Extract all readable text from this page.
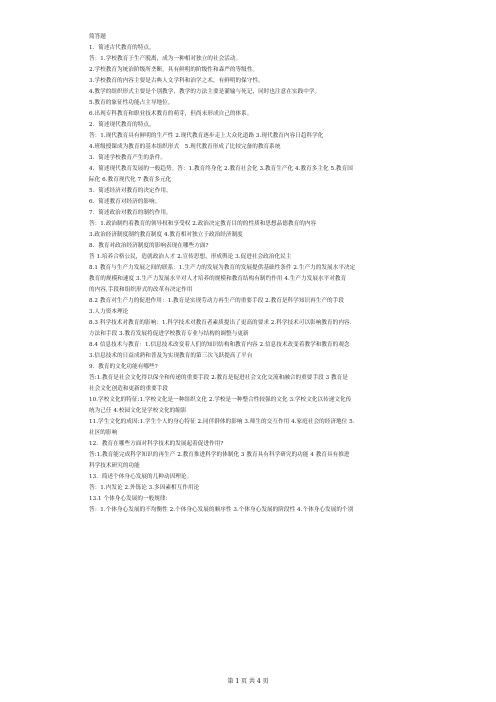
简答题
1．简述古代教育的特点。
答：1.学校教育于生产脱离，成为一种相对独立的社会活动。
2.学校教育为统治阶级所垄断，具有鲜明的阶级性和森严的等级性。
3.学校教育的内容主要是古典人文学科和治学之术，有鲜明的保守性。
4.教学的组织形式主要是个别教学，教学的方法主要是灌输与死记，同时也注意在实践中学。
5.教育的象征性功能占主导地位。
6.出现专科教育和职业技术教育的萌芽，但尚未形成自己的体系。
2．简述现代教育的特点。
答：1.现代教育具有鲜明的生产性 2.现代教育逐步走上大众化道路 3.现代教育内容日趋科学化
4.班级授课成为教育的基本组织形式　5.现代教育形成了比较完备的教育系统
3．简述学校教育产生的条件。
4．简述现代教育发展的一般趋势。答：1.教育终身化 2.教育社会化 3.教育生产化 4.教育多主化 5.教育国
际化 6.教育现代化 7 教育多元化
5．简述经济对教育的决定作用。
6．简述教育对经济的影响。
7．简述政治对教育的制约作用。
答：1.政治制约着教育的领导权和享受权 2.政治决定教育目的的性质和思想品德教育的内容
3.政治经济制度制约教育制度 4.教育相对独立于政治经济制度
8．教育对政治经济制度的影响表现在哪些方面?
答 1.培养合格公民，造就政治人才 2.宣传思想，形成舆论 3.促进社会政治化民主
8.1 教育与生产力发展之间的联系：1.生产力的发展为教育的发展提供基础性条件 2.生产力的发展水平决定
教育的规模和速度 3.生产力发展水平对人才培养的规模和教育结构有制约作用 4.生产力发展水平对教育
的内容,手段和组织形式的改革有决定作用
8.2 教育对生产力的促进作用：1.教育是实现劳动力再生产的重要手段 2.教育是科学知识再生产的手段
3.人力资本理论
8.3 科学技术对教育的影响：1.科学技术对教育者素质提出了更高的要求 2.科学技术可以影响教育的内容.
方法和手段 3.教育发展将促进学校教育专业与结构的调整与更新
8.4 信息技术与教育：1.信息技术改变着人们的知识结构和教育内容 2.信息技术改变着教学和教育的观念
3.信息技术的日益成熟和普及为实现教育的第三次飞跃提高了平台
9．教育的文化功能有哪些?
答:1.教育是社会文化得以保全和传递的重要手段 2.教育是促进社会文化交流和融合的重要手段 3 教育是
社会文化创造和更新的重要手段
10.学校文化的特征:1.学校文化是一种组织文化 2.学校是一种整合性较强的文化 3.学校文化以传递文化传
统为己任 4.校园文化是学校文化的缩影
11.学生文化的成因:1.学生个人的身心特征 2.同伴群体的影响 3.师生的交互作用 4.家庭社会的经济地位 5.
社区的影响
12．教育在哪些方面对科学技术的发展起着促进作用?
答:1.教育能完成科学知识的再生产 2.教育推进科学的体制化 3 教育具有科学研究的功能 4 教育具有推进
科学技术研究的功能
13．简述个体身心发展的几种动因理论。
答：1.内发论 2.外铄论 3.多因素相互作用论
13.1 个体身心发展的一般规律:
答：1.个体身心发展的不均衡性 2.个体身心发展的顺序性 3.个体身心发展的阶段性 4.个体身心发展的个别
第 1 页 共 4 页
